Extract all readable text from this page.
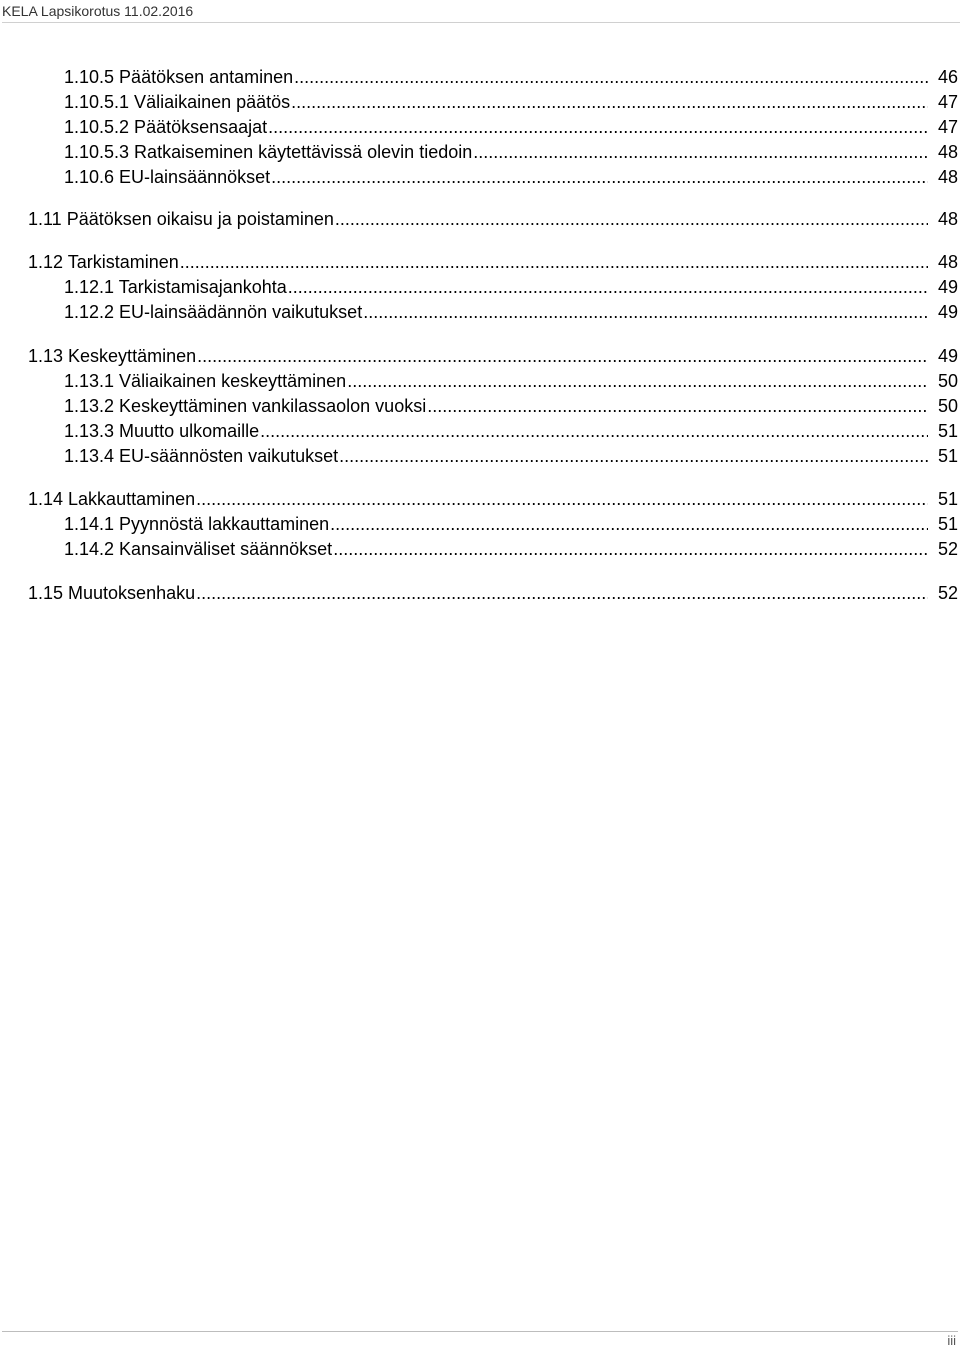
KELA Lapsikorotus 11.02.2016
1.10.5 Päätöksen antaminen .....	46
1.10.5.1 Väliaikainen päätös .....	47
1.10.5.2 Päätöksensaajat .....	47
1.10.5.3 Ratkaiseminen käytettävissä olevin tiedoin .....	48
1.10.6 EU-lainsäännökset .....	48
1.11 Päätöksen oikaisu ja poistaminen .....	48
1.12 Tarkistaminen .....	48
1.12.1 Tarkistamisajankohta .....	49
1.12.2 EU-lainsäädännön vaikutukset .....	49
1.13 Keskeyttäminen .....	49
1.13.1 Väliaikainen keskeyttäminen .....	50
1.13.2 Keskeyttäminen vankilassaolon vuoksi .....	50
1.13.3 Muutto ulkomaille .....	51
1.13.4 EU-säännösten vaikutukset .....	51
1.14 Lakkauttaminen .....	51
1.14.1 Pyynnöstä lakkauttaminen .....	51
1.14.2 Kansainväliset säännökset .....	52
1.15 Muutoksenhaku .....	52
iii
